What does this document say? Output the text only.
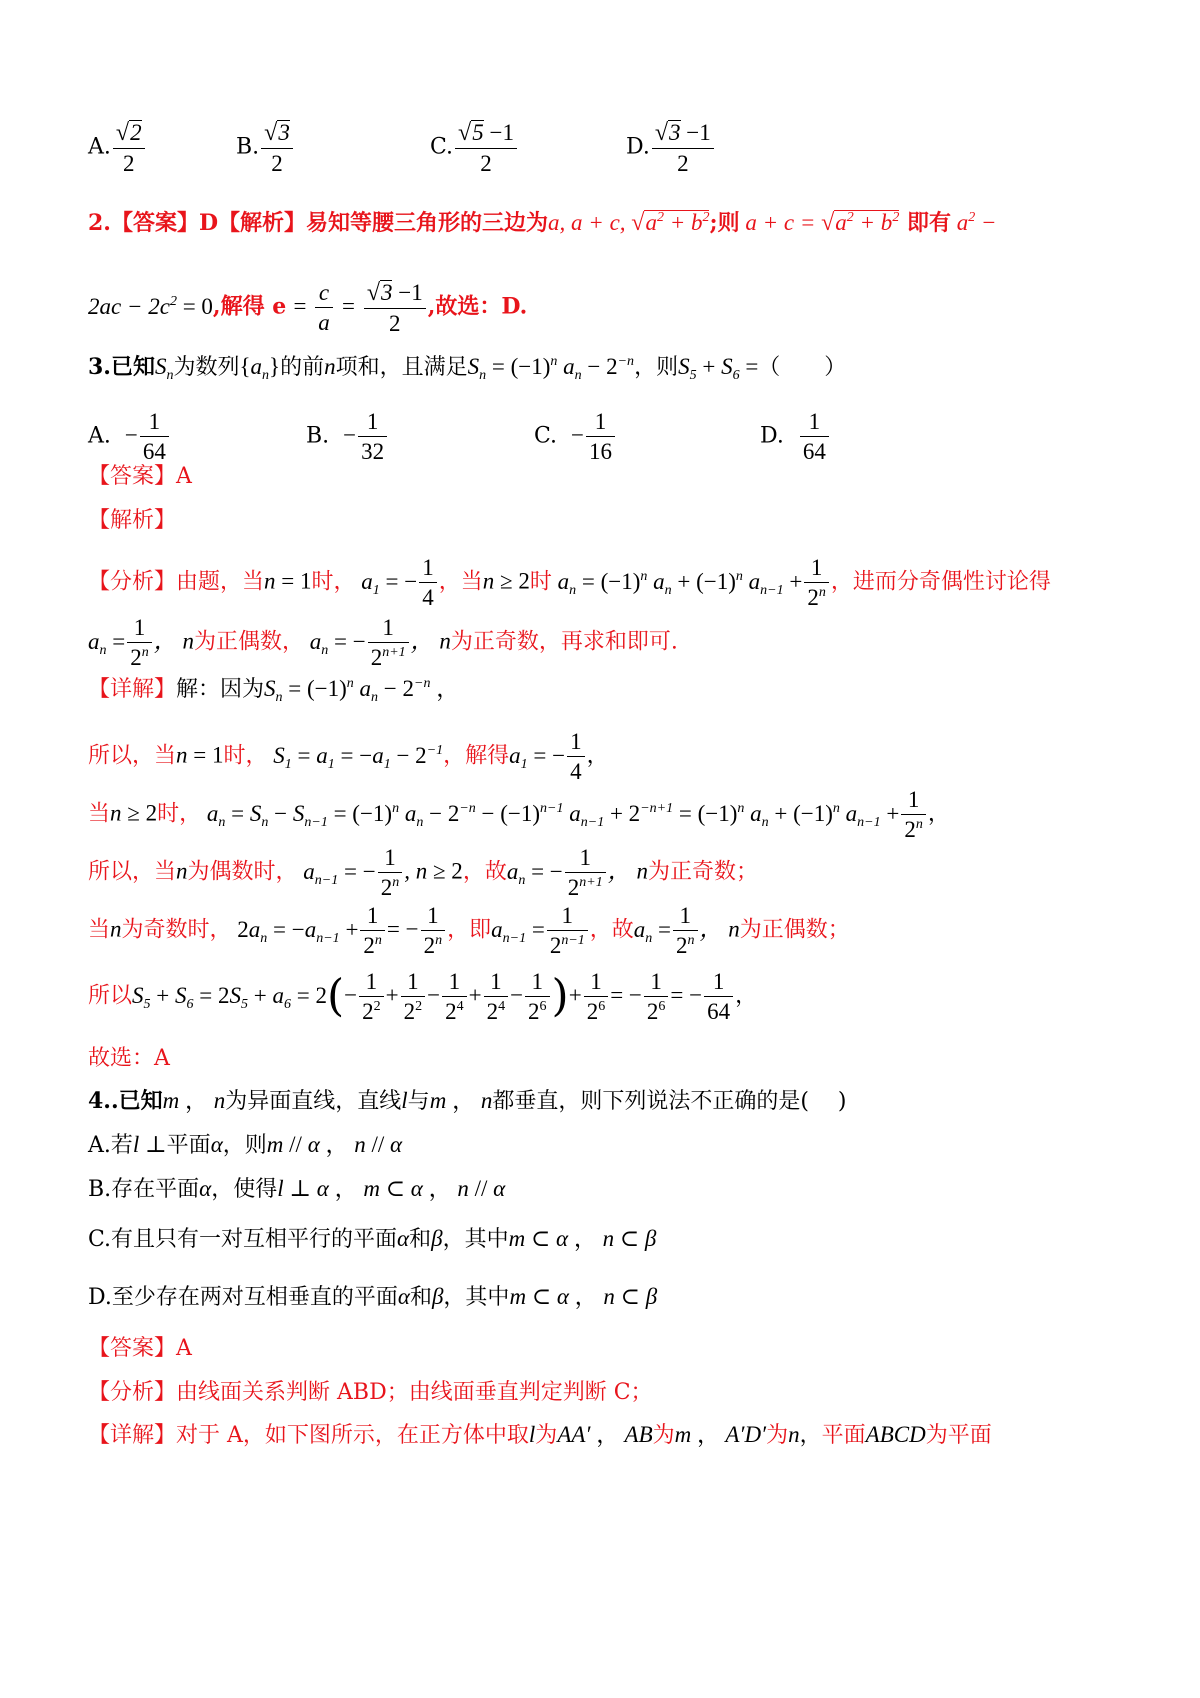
A. $\frac{√2}{2}$	B. $\frac{√3}{2}$	C. $\frac{√5 -1}{2}$	D. $\frac{√3 -1}{2}$
2.【答案】D【解析】易知等腰三角形的三边为a, a + c, $√a^2 + b^2$;则 $a + c = √a^2 + b^2$ 即有 $a^2$ −
$2ac - 2c^2 = 0$,解得 $e = \frac{c}{a} = \frac{√3 -1}{2}$ ,故选：D.
3.已知$S_n$为数列$\{a_n\}$的前n项和，且满足$S_n = (-1)^n$ $a_n - 2^{-n}$，则$S_5 + S_6$ =（　　）
A. − $\frac{1}{64}$	B. − $\frac{1}{32}$	C. − $\frac{1}{16}$	D. $\frac{1}{64}$
【答案】A
【解析】
【分析】由题，当n = 1时， $a_1$ = − $\frac{1}{4}$ ，当n ≥ 2时 $a_n = (-1)^n$ $a_n + (-1)^n$ $a_{n-1} + \frac{1}{2^n}$ ，进而分奇偶性讨论得
$a_n = \frac{1}{2^n}$ ， n为正偶数， $a_n$ = − $\frac{1}{2^{n+1}}$ ， n为正奇数，再求和即可.
【详解】解：因为$S_n = (-1)^n$ $a_n - 2^{-n}$ ，
所以，当n = 1时， $S_1 = a_1 = -a_1 - 2^{-1}$，解得$a_1$ = − $\frac{1}{4}$ ，
当n ≥ 2时， $a_n = S_n - S_{n-1} = (-1)^n$ $a_n - 2^{-n} - (-1)^{n-1}$ $a_{n-1} + 2^{-n+1} = (-1)^n$ $a_n + (-1)^n$ $a_{n-1} + \frac{1}{2^n}$ ，
所以，当n为偶数时， $a_{n-1}$ = − $\frac{1}{2^n}$ , n ≥ 2，故$a_n$ = − $\frac{1}{2^{n+1}}$ ， n为正奇数；
当n为奇数时， $2a_n = -a_{n-1} + \frac{1}{2^n}$ = − $\frac{1}{2^n}$ ，即$a_{n-1} = \frac{1}{2^{n-1}}$ ，故$a_n = \frac{1}{2^n}$ ， n为正偶数；
所以$S_5 + S_6 = 2S_5 + a_6 = 2(- \frac{1}{2^2} + \frac{1}{2^2} - \frac{1}{2^4} + \frac{1}{2^4} - \frac{1}{2^6}$ )+ $\frac{1}{2^6}$ = − $\frac{1}{2^6}$ = − $\frac{1}{64}$ ，
故选：A
4..已知m ， n为异面直线，直线l与m ， n都垂直，则下列说法不正确的是(　 )
A.若l ⊥平面α，则m // α ， n // α
B.存在平面α，使得l ⊥ α ， m ⊂ α ， n // α
C.有且只有一对互相平行的平面α和β，其中m ⊂ α ， n ⊂ β
D.至少存在两对互相垂直的平面α和β，其中m ⊂ α ， n ⊂ β
【答案】A
【分析】由线面关系判断 ABD；由线面垂直判定判断 C；
【详解】对于 A，如下图所示，在正方体中取l为AA′ ， AB为m ， A′D′为n，平面ABCD为平面
